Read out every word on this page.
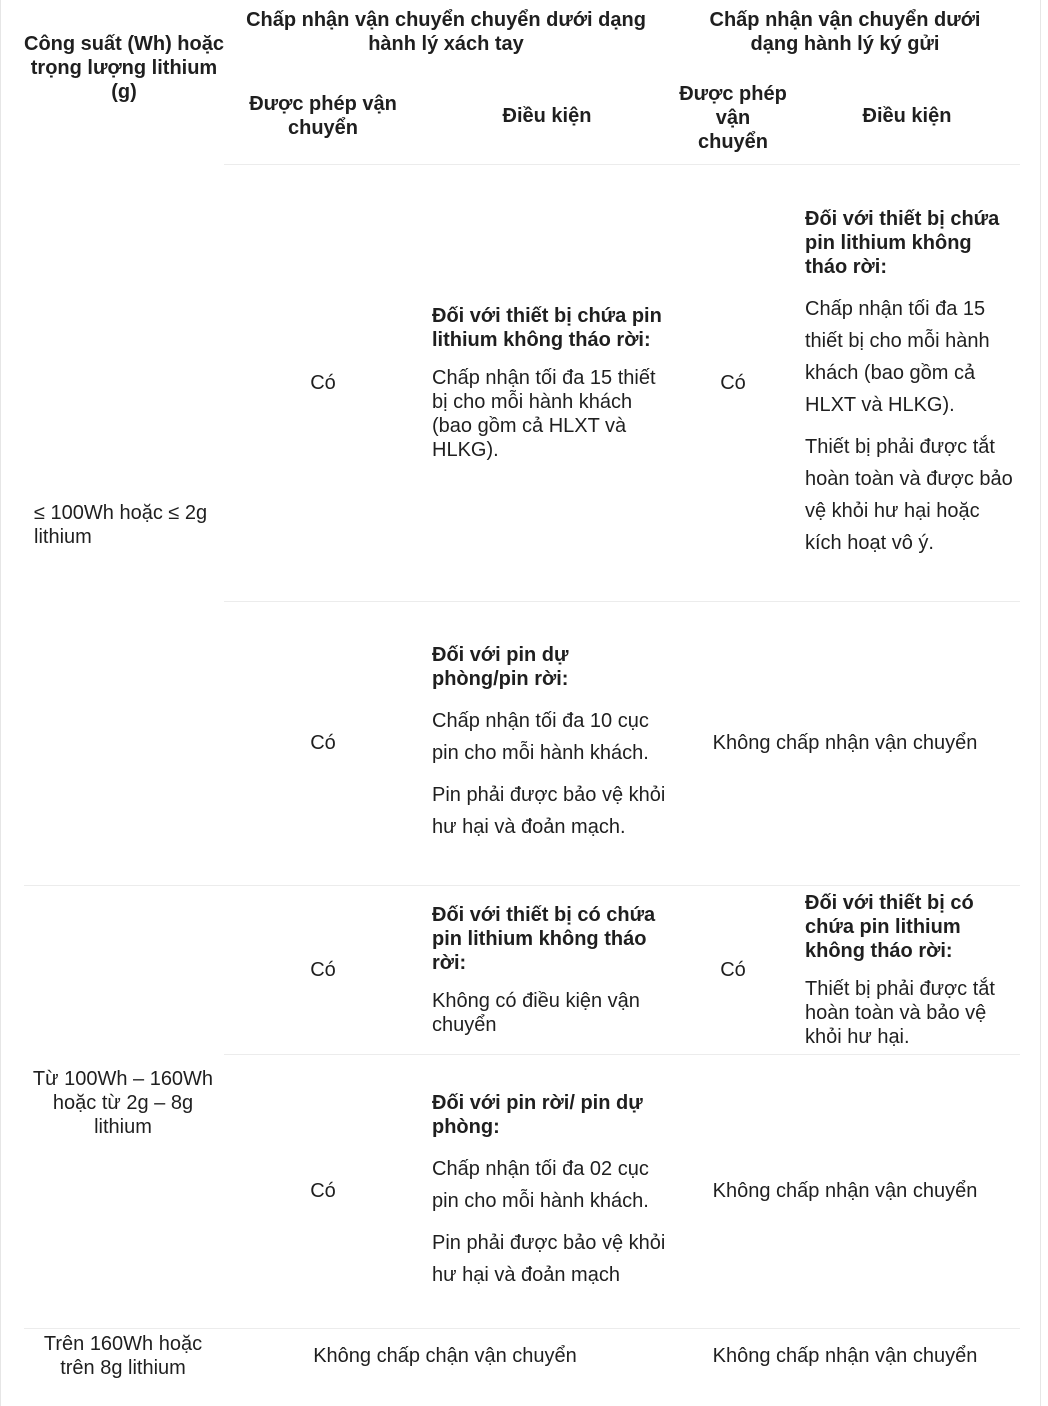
Công suất (Wh) hoặc trọng lượng lithium (g)
Chấp nhận vận chuyển chuyển dưới dạng hành lý xách tay
Chấp nhận vận chuyển dưới dạng hành lý ký gửi
Được phép vận chuyển
Điều kiện
Được phép vận chuyển
Điều kiện
≤ 100Wh hoặc ≤ 2g lithium
Có
Đối với thiết bị chứa pin lithium không tháo rời:
Chấp nhận tối đa 15 thiết bị cho mỗi hành khách (bao gồm cả HLXT và HLKG).
Có
Đối với thiết bị chứa pin lithium không tháo rời:
Chấp nhận tối đa 15 thiết bị cho mỗi hành khách (bao gồm cả HLXT và HLKG).
Thiết bị phải được tắt hoàn toàn và được bảo vệ khỏi hư hại hoặc kích hoạt vô ý.
Có
Đối với pin dự phòng/pin rời:
Chấp nhận tối đa 10 cục pin cho mỗi hành khách.
Pin phải được bảo vệ khỏi hư hại và đoản mạch.
Không chấp nhận vận chuyển
Từ 100Wh – 160Wh hoặc từ 2g – 8g lithium
Có
Đối với thiết bị có chứa pin lithium không tháo rời:
Không có điều kiện vận chuyển
Có
Đối với thiết bị có chứa pin lithium không tháo rời:
Thiết bị phải được tắt hoàn toàn và bảo vệ khỏi hư hại.
Có
Đối với pin rời/ pin dự phòng:
Chấp nhận tối đa 02 cục pin cho mỗi hành khách.
Pin phải được bảo vệ khỏi hư hại và đoản mạch
Không chấp nhận vận chuyển
Trên 160Wh hoặc trên 8g lithium
Không chấp chận vận chuyển	Không chấp nhận vận chuyển
